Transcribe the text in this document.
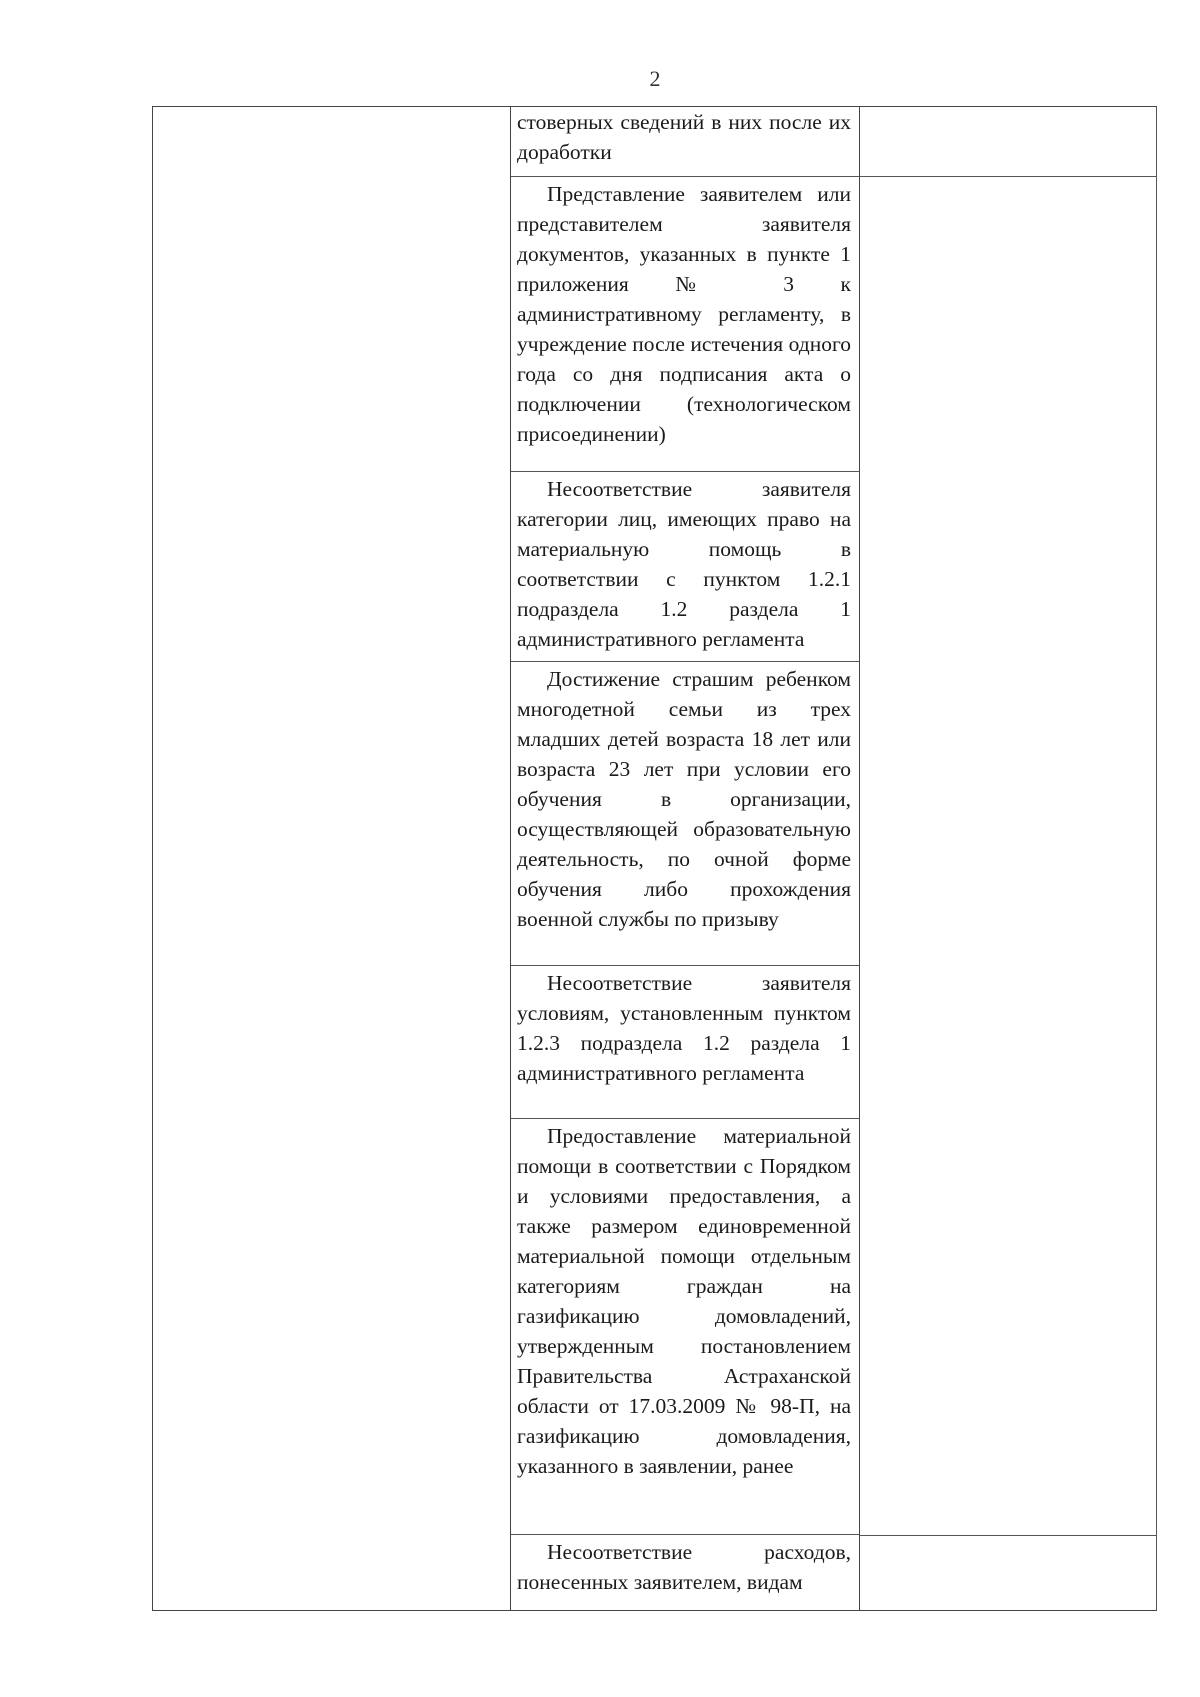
2

стоверных сведений в них после их доработки

Представление заявителем или представителем заявителя документов, указанных в пункте 1 приложения № 3 к административному регламенту, в учреждение после истечения одного года со дня подписания акта о подключении (технологическом присоединении)

Несоответствие заявителя категории лиц, имеющих право на материальную помощь в соответствии с пунктом 1.2.1 подраздела 1.2 раздела 1 административного регламента

Достижение страшим ребенком многодетной семьи из трех младших детей возраста 18 лет или возраста 23 лет при условии его обучения в организации, осуществляющей образовательную деятельность, по очной форме обучения либо прохождения военной службы по призыву

Несоответствие заявителя условиям, установленным пунктом 1.2.3 подраздела 1.2 раздела 1 административного регламента

Предоставление материальной помощи в соответствии с Порядком и условиями предоставления, а также размером единовременной материальной помощи отдельным категориям граждан на газификацию домовладений, утвержденным постановлением Правительства Астраханской области от 17.03.2009 № 98-П, на газификацию домовладения, указанного в заявлении, ранее

Несоответствие расходов, понесенных заявителем, видам
